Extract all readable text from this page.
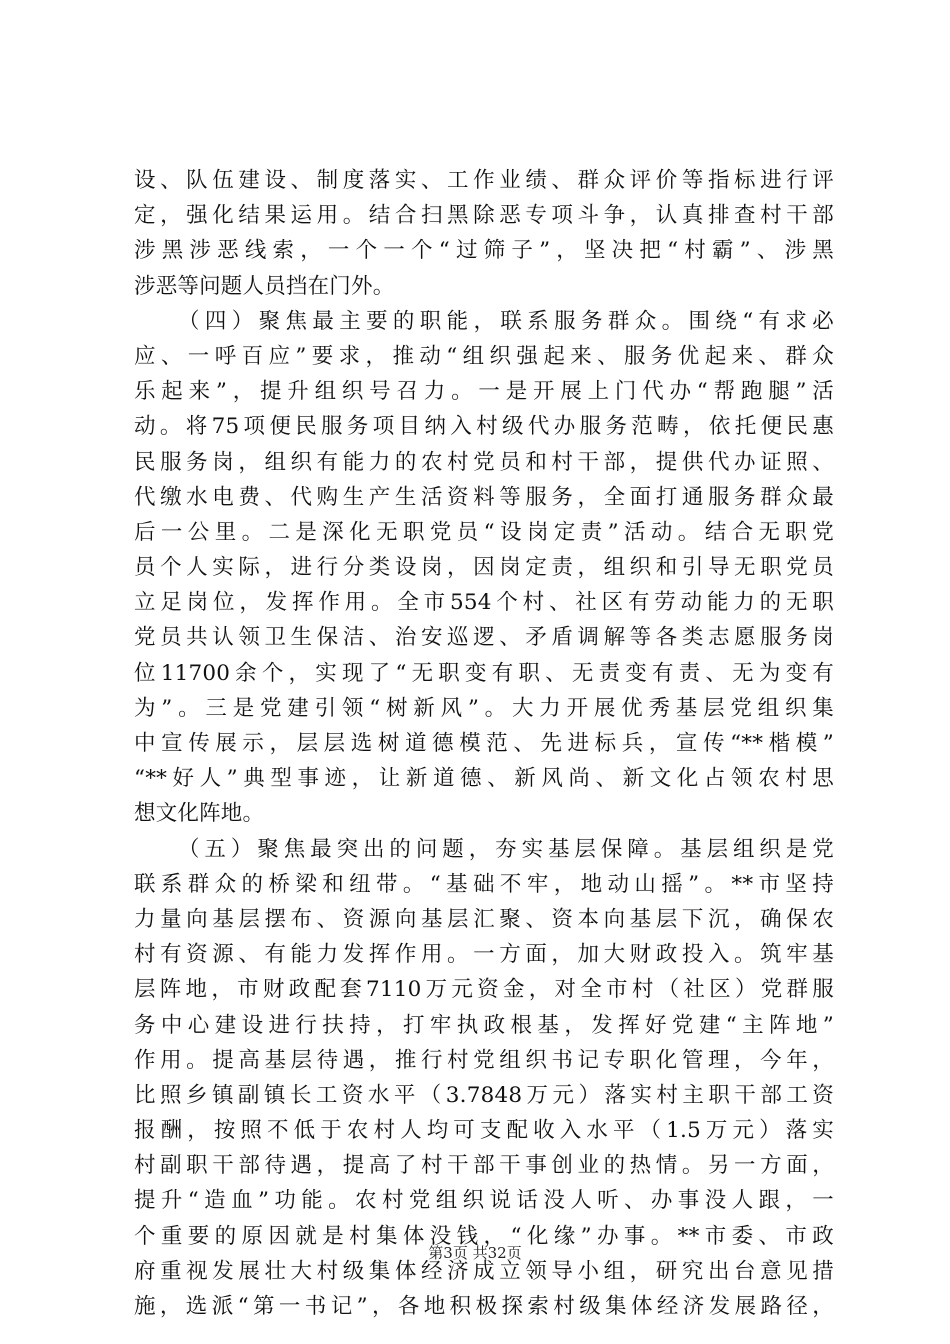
设、队伍建设、制度落实、工作业绩、群众评价等指标进行评
定，强化结果运用。结合扫黑除恶专项斗争，认真排查村干部
涉黑涉恶线索，一个一个“过筛子”，坚决把“村霸”、涉黑
涉恶等问题人员挡在门外。
（四）聚焦最主要的职能，联系服务群众。围绕“有求必
应、一呼百应”要求，推动“组织强起来、服务优起来、群众
乐起来”，提升组织号召力。一是开展上门代办“帮跑腿”活
动。将75项便民服务项目纳入村级代办服务范畴，依托便民惠
民服务岗，组织有能力的农村党员和村干部，提供代办证照、
代缴水电费、代购生产生活资料等服务，全面打通服务群众最
后一公里。二是深化无职党员“设岗定责”活动。结合无职党
员个人实际，进行分类设岗，因岗定责，组织和引导无职党员
立足岗位，发挥作用。全市554个村、社区有劳动能力的无职
党员共认领卫生保洁、治安巡逻、矛盾调解等各类志愿服务岗
位11700余个，实现了“无职变有职、无责变有责、无为变有
为”。三是党建引领“树新风”。大力开展优秀基层党组织集
中宣传展示，层层选树道德模范、先进标兵，宣传“**楷模”
“**好人”典型事迹，让新道德、新风尚、新文化占领农村思
想文化阵地。
（五）聚焦最突出的问题，夯实基层保障。基层组织是党
联系群众的桥梁和纽带。“基础不牢，地动山摇”。**市坚持
力量向基层摆布、资源向基层汇聚、资本向基层下沉，确保农
村有资源、有能力发挥作用。一方面，加大财政投入。筑牢基
层阵地，市财政配套7110万元资金，对全市村（社区）党群服
务中心建设进行扶持，打牢执政根基，发挥好党建“主阵地”
作用。提高基层待遇，推行村党组织书记专职化管理，今年，
比照乡镇副镇长工资水平（3.7848万元）落实村主职干部工资
报酬，按照不低于农村人均可支配收入水平（1.5万元）落实
村副职干部待遇，提高了村干部干事创业的热情。另一方面，
提升“造血”功能。农村党组织说话没人听、办事没人跟，一
个重要的原因就是村集体没钱，“化缘”办事。**市委、市政
府重视发展壮大村级集体经济成立领导小组，研究出台意见措
施，选派“第一书记”，各地积极探索村级集体经济发展路径，
第3页 共32页
